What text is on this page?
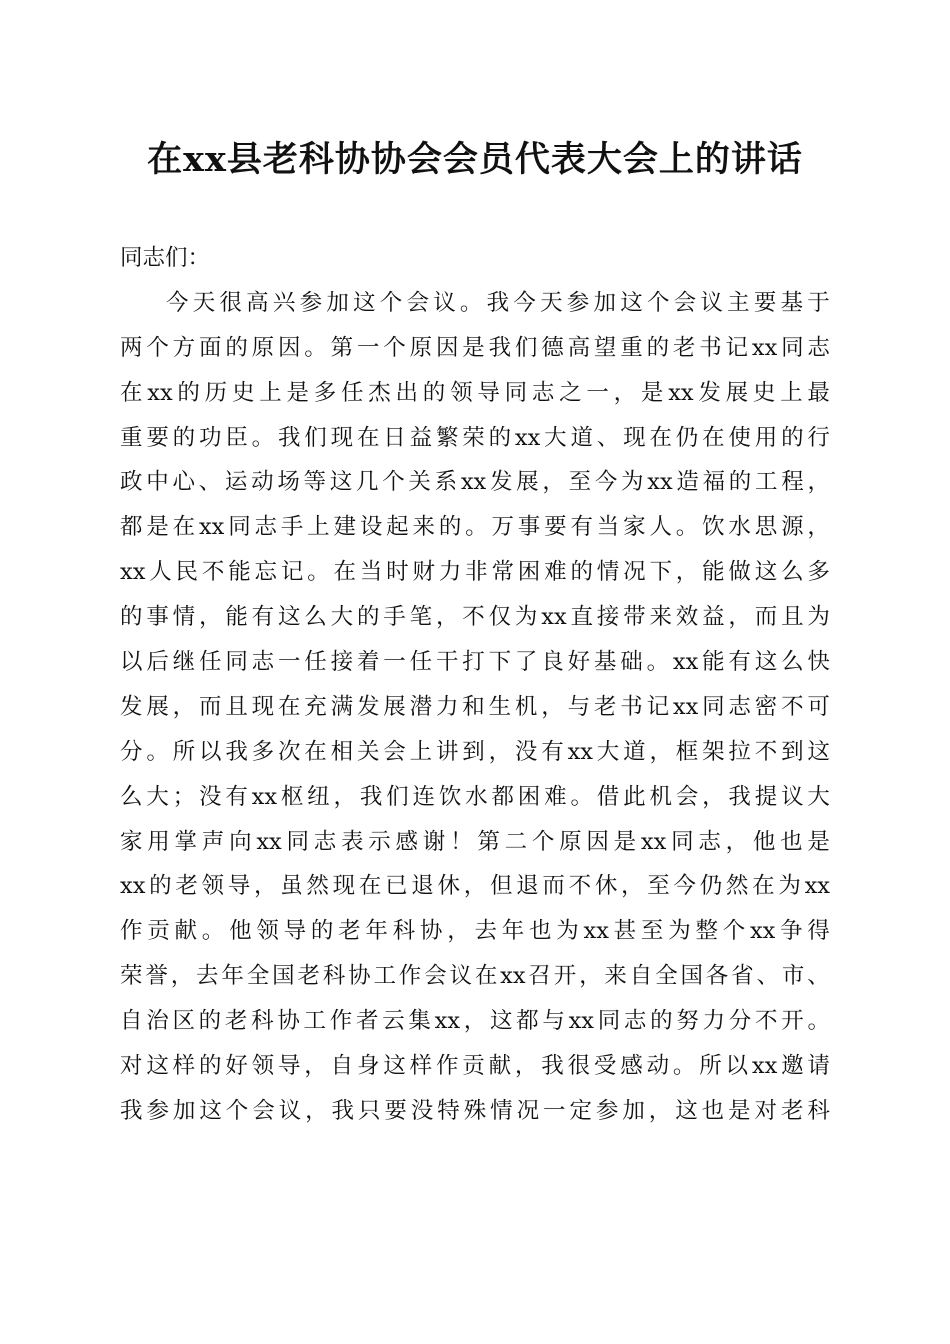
在xx县老科协协会会员代表大会上的讲话
同志们：
今 天 很 高 兴 参 加 这 个 会 议 。 我 今 天 参 加 这 个 会 议 主 要 基 于
两 个 方 面 的 原 因 。 第 一 个 原 因 是 我 们 德 高 望 重 的 老 书 记 xx 同 志
在 xx 的 历 史 上 是 多 任 杰 出 的 领 导 同 志 之 一 ， 是 xx 发 展 史 上 最
重 要 的 功 臣 。 我 们 现 在 日 益 繁 荣 的 xx 大 道 、 现 在 仍 在 使 用 的 行
政 中 心 、 运 动 场 等 这 几 个 关 系 xx 发 展 ， 至 今 为 xx 造 福 的 工 程 ，
都 是 在 xx 同 志 手 上 建 设 起 来 的 。 万 事 要 有 当 家 人 。 饮 水 思 源 ，
xx 人 民 不 能 忘 记 。 在 当 时 财 力 非 常 困 难 的 情 况 下 ， 能 做 这 么 多
的 事 情 ， 能 有 这 么 大 的 手 笔 ， 不 仅 为 xx 直 接 带 来 效 益 ， 而 且 为
以 后 继 任 同 志 一 任 接 着 一 任 干 打 下 了 良 好 基 础 。 xx 能 有 这 么 快
发 展 ， 而 且 现 在 充 满 发 展 潜 力 和 生 机 ， 与 老 书 记 xx 同 志 密 不 可
分 。 所 以 我 多 次 在 相 关 会 上 讲 到 ， 没 有 xx 大 道 ， 框 架 拉 不 到 这
么 大 ； 没 有 xx 枢 纽 ， 我 们 连 饮 水 都 困 难 。 借 此 机 会 ， 我 提 议 大
家 用 掌 声 向 xx 同 志 表 示 感 谢 ！ 第 二 个 原 因 是 xx 同 志 ， 他 也 是
xx 的 老 领 导 ， 虽 然 现 在 已 退 休 ， 但 退 而 不 休 ， 至 今 仍 然 在 为 xx
作 贡 献 。 他 领 导 的 老 年 科 协 ， 去 年 也 为 xx 甚 至 为 整 个 xx 争 得
荣 誉 ， 去 年 全 国 老 科 协 工 作 会 议 在 xx 召 开 ， 来 自 全 国 各 省 、 市 、
自 治 区 的 老 科 协 工 作 者 云 集 xx ， 这 都 与 xx 同 志 的 努 力 分 不 开 。
对 这 样 的 好 领 导 ， 自 身 这 样 作 贡 献 ， 我 很 受 感 动 。 所 以 xx 邀 请
我 参 加 这 个 会 议 ， 我 只 要 没 特 殊 情 况 一 定 参 加 ， 这 也 是 对 老 科
